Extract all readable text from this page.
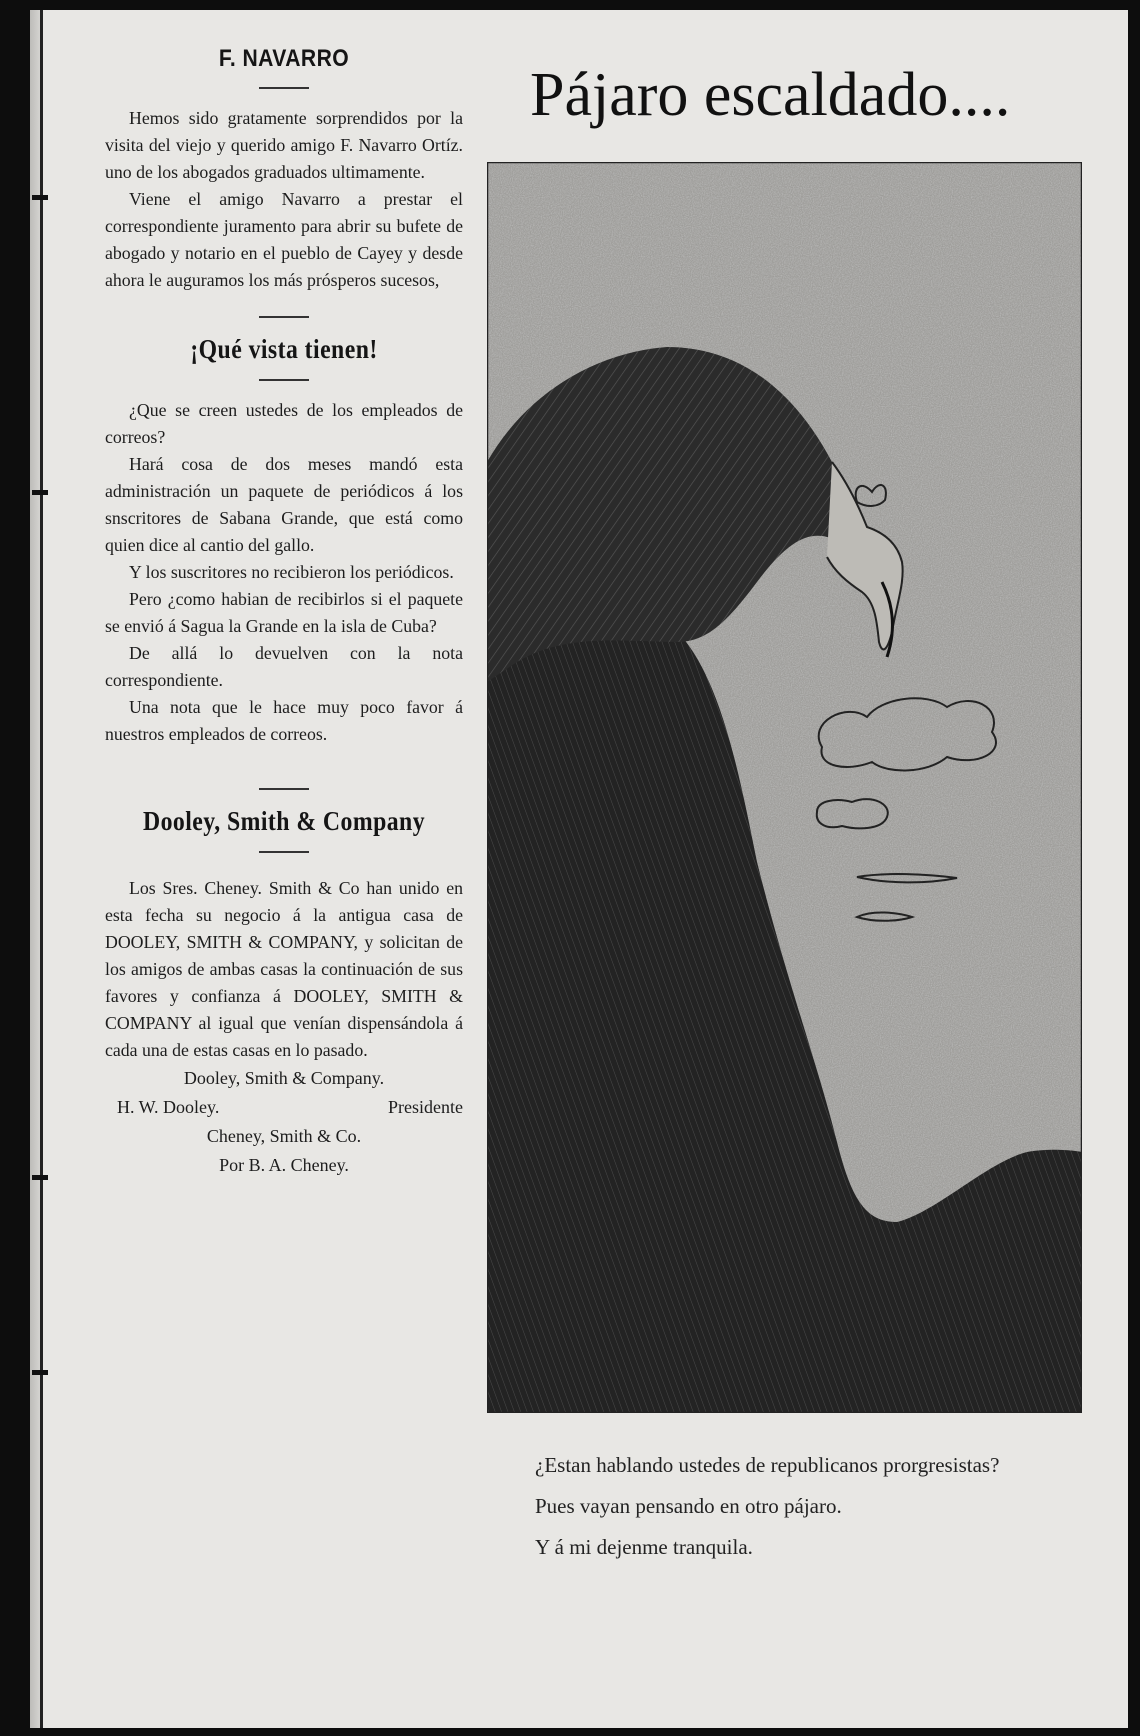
F. NAVARRO

Hemos sido gratamente sorprendidos por la visita del viejo y querido amigo F. Navarro Ortíz. uno de los abogados graduados ultimamente.

Viene el amigo Navarro a prestar el correspondiente juramento para abrir su bufete de abogado y notario en el pueblo de Cayey y desde ahora le auguramos los más prósperos sucesos,

¡Qué vista tienen!

¿Que se creen ustedes de los empleados de correos?

Hará cosa de dos meses mandó esta administración un paquete de periódicos á los snscritores de Sabana Grande, que está como quien dice al cantio del gallo.

Y los suscritores no recibieron los periódicos.

Pero ¿como habian de recibirlos si el paquete se envió á Sagua la Grande en la isla de Cuba?

De allá lo devuelven con la nota correspondiente.

Una nota que le hace muy poco favor á nuestros empleados de correos.

Dooley, Smith & Company

Los Sres. Cheney. Smith & Co han unido en esta fecha su negocio á la antigua casa de DOOLEY, SMITH & COMPANY, y solicitan de los amigos de ambas casas la continuación de sus favores y confianza á DOOLEY, SMITH & COMPANY al igual que venían dispensándola á cada una de estas casas en lo pasado.

Dooley, Smith & Company.

H. W. Dooley.	Presidente

Cheney, Smith & Co.

Por B. A. Cheney.

Pájaro escaldado....

¿Estan hablando ustedes de republicanos prorgresistas?

Pues vayan pensando en otro pájaro.

Y á mi dejenme tranquila.
